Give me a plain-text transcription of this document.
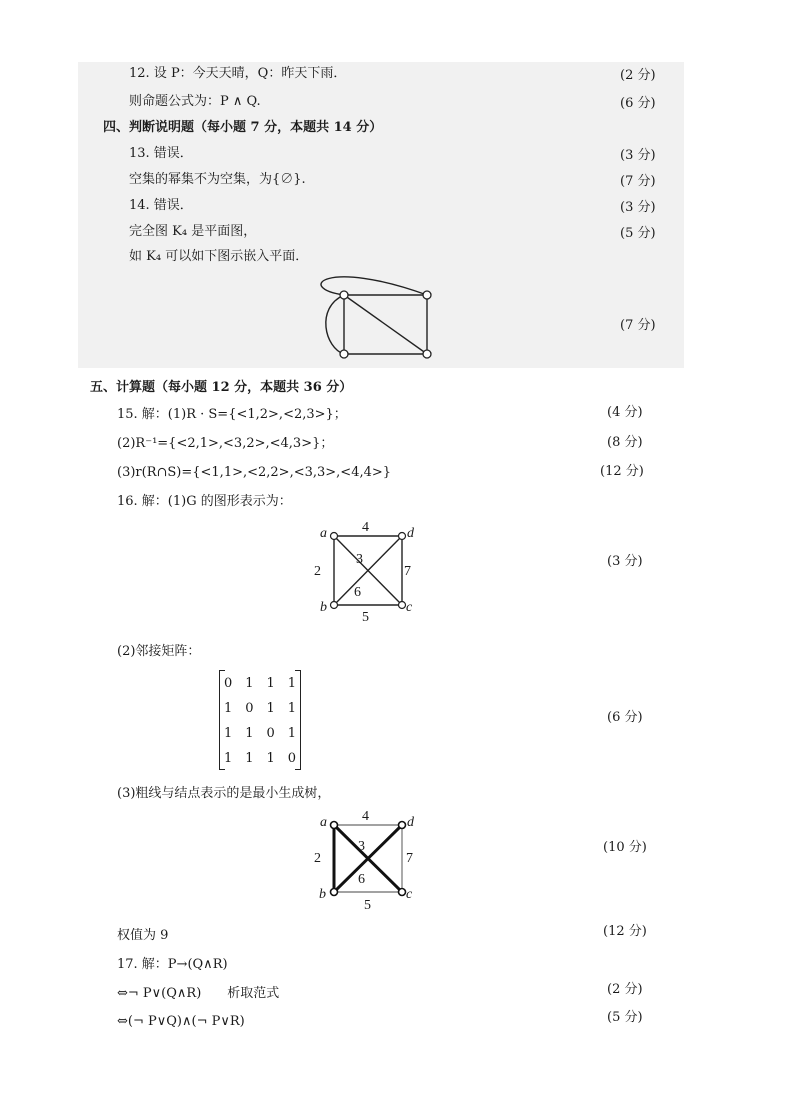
12. 设 P：今天天晴，Q：昨天下雨．	(2 分)
则命题公式为：P ∧ Q.	(6 分)
四、判断说明题（每小题 7 分，本题共 14 分）
13. 错误．	(3 分)
空集的幂集不为空集，为{∅}.	(7 分)
14. 错误．	(3 分)
完全图 K₄ 是平面图，	(5 分)
如 K₄ 可以如下图示嵌入平面．
(7 分)
五、计算题（每小题 12 分，本题共 36 分）
15. 解：(1)R · S={<1,2>,<2,3>}；	(4 分)
(2)R⁻¹={<2,1>,<3,2>,<4,3>}；	(8 分)
(3)r(R∩S)={<1,1>,<2,2>,<3,3>,<4,4>}	(12 分)
16. 解：(1)G 的图形表示为：
a	d
b	c
4
2	7
5
3
6
(3 分)
(2)邻接矩阵：
0 1 1 1
1 0 1 1
1 1 0 1
1 1 1 0
(6 分)
(3)粗线与结点表示的是最小生成树，
a	d
b	c
4
2	7
5
3
6
(10 分)
权值为 9	(12 分)
17. 解：P→(Q∧R)
⇔¬ P∨(Q∧R)　　析取范式	(2 分)
⇔(¬ P∨Q)∧(¬ P∨R)	(5 分)
